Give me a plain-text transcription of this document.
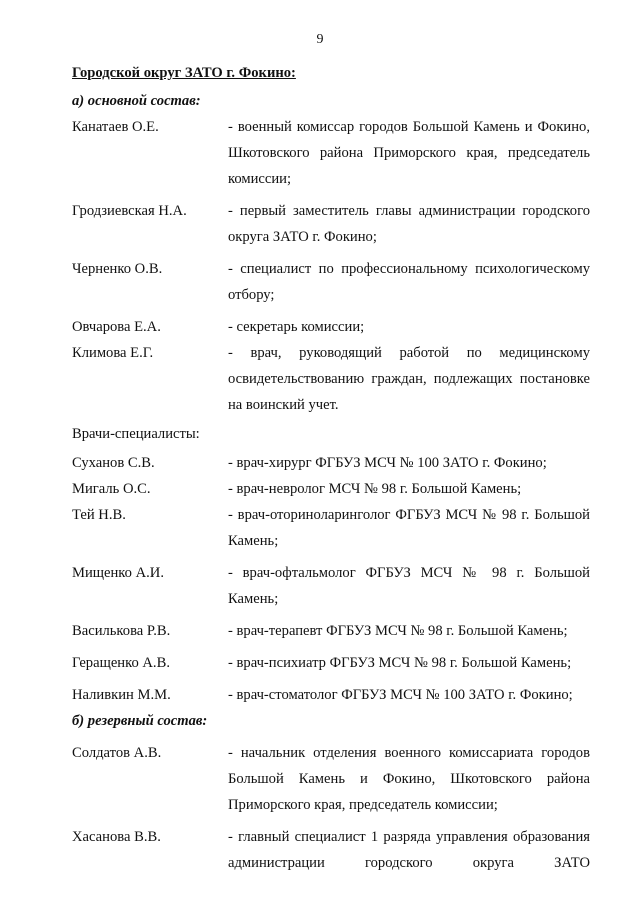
9
Городской округ ЗАТО г. Фокино:
а) основной состав:
Канатаев О.Е.	- военный комиссар городов Большой Камень и Фокино, Шкотовского района Приморского края, председатель комиссии;
Гродзиевская Н.А.	- первый заместитель главы администрации городского округа ЗАТО г. Фокино;
Черненко О.В.	- специалист по профессиональному психологическому отбору;
Овчарова Е.А.	- секретарь комиссии;
Климова Е.Г.	- врач, руководящий работой по медицинскому освидетельствованию граждан, подлежащих постановке на воинский учет.
Врачи-специалисты:
Суханов С.В.	- врач-хирург ФГБУЗ МСЧ № 100 ЗАТО г. Фокино;
Мигаль О.С.	- врач-невролог МСЧ № 98 г. Большой Камень;
Тей Н.В.	- врач-оториноларинголог ФГБУЗ МСЧ № 98 г. Большой Камень;
Мищенко А.И.	- врач-офтальмолог ФГБУЗ МСЧ № 98 г. Большой Камень;
Василькова Р.В.	- врач-терапевт ФГБУЗ МСЧ № 98 г. Большой Камень;
Геращенко А.В.	- врач-психиатр ФГБУЗ МСЧ № 98 г. Большой Камень;
Наливкин М.М.	- врач-стоматолог ФГБУЗ МСЧ № 100 ЗАТО г. Фокино;
б) резервный состав:
Солдатов А.В.	- начальник отделения военного комиссариата городов Большой Камень и Фокино, Шкотовского района Приморского края, председатель комиссии;
Хасанова В.В.	- главный специалист 1 разряда управления образования администрации городского округа ЗАТО
